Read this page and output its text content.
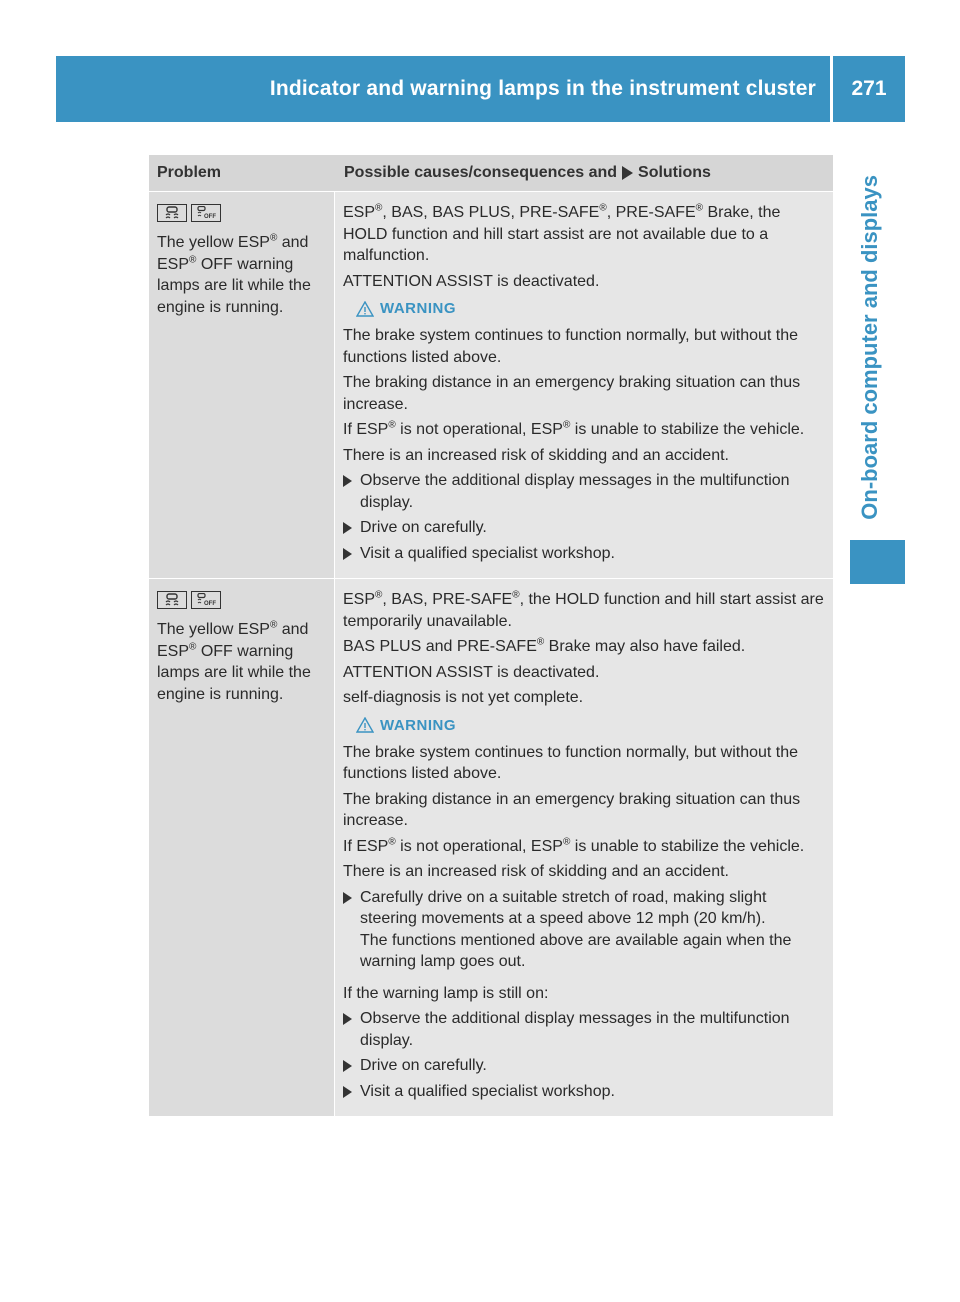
Indicator and warning lamps in the instrument cluster	271
On-board computer and displays
Problem	Possible causes/consequences and Solutions
OFF
The yellow ESP® and
ESP® OFF warning lamps are lit while the engine is running.

ESP®, BAS, BAS PLUS, PRE-SAFE®, PRE-SAFE® Brake, the HOLD function and hill start assist are not available due to a malfunction.

ATTENTION ASSIST is deactivated.

WARNING

The brake system continues to function normally, but without the functions listed above.

The braking distance in an emergency braking situation can thus increase.

If ESP® is not operational, ESP® is unable to stabilize the vehicle.

There is an increased risk of skidding and an accident.

Observe the additional display messages in the multifunction display.
Drive on carefully.
Visit a qualified specialist workshop.
OFF
The yellow ESP® and
ESP® OFF warning lamps are lit while the engine is running.

ESP®, BAS, PRE-SAFE®, the HOLD function and hill start assist are temporarily unavailable.

BAS PLUS and PRE-SAFE® Brake may also have failed.

ATTENTION ASSIST is deactivated.

self-diagnosis is not yet complete.

WARNING

The brake system continues to function normally, but without the functions listed above.

The braking distance in an emergency braking situation can thus increase.

If ESP® is not operational, ESP® is unable to stabilize the vehicle.

There is an increased risk of skidding and an accident.

Carefully drive on a suitable stretch of road, making slight steering movements at a speed above 12 mph (20 km/h).
The functions mentioned above are available again when the warning lamp goes out.

If the warning lamp is still on:

Observe the additional display messages in the multifunction display.
Drive on carefully.
Visit a qualified specialist workshop.
